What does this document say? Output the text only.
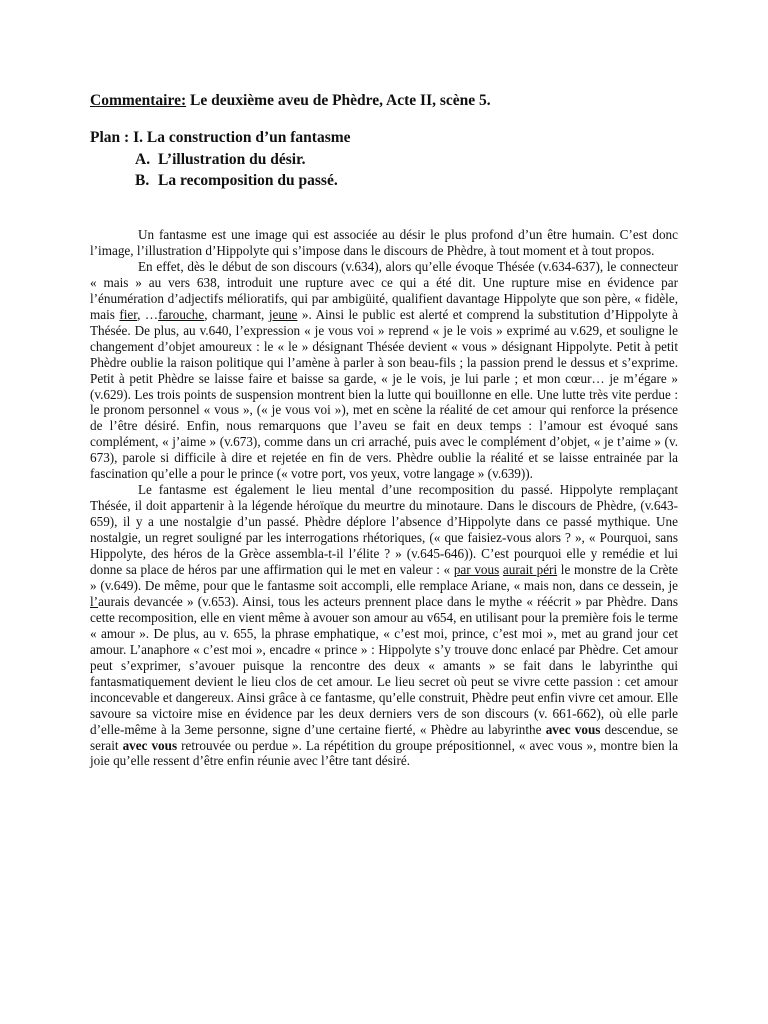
Commentaire: Le deuxième aveu de Phèdre, Acte II, scène 5.
Plan : I. La construction d’un fantasme
A. L’illustration du désir.
B. La recomposition du passé.

Un fantasme est une image qui est associée au désir le plus profond d’un être humain. C’est donc l’image, l’illustration d’Hippolyte qui s’impose dans le discours de Phèdre, à tout moment et à tout propos.

En effet, dès le début de son discours (v.634), alors qu’elle évoque Thésée (v.634-637), le connecteur « mais » au vers 638, introduit une rupture avec ce qui a été dit. Une rupture mise en évidence par l’énumération d’adjectifs mélioratifs, qui par ambigüité, qualifient davantage Hippolyte que son père, « fidèle, mais fier, …farouche, charmant, jeune ». Ainsi le public est alerté et comprend la substitution d’Hippolyte à Thésée. De plus, au v.640, l’expression « je vous voi » reprend « je le vois » exprimé au v.629, et souligne le changement d’objet amoureux : le « le » désignant Thésée devient « vous » désignant Hippolyte. Petit à petit Phèdre oublie la raison politique qui l’amène à parler à son beau-fils ; la passion prend le dessus et s’exprime. Petit à petit Phèdre se laisse faire et baisse sa garde, « je le vois, je lui parle ; et mon cœur… je m’égare » (v.629). Les trois points de suspension montrent bien la lutte qui bouillonne en elle. Une lutte très vite perdue : le pronom personnel « vous », (« je vous voi »), met en scène la réalité de cet amour qui renforce la présence de l’être désiré. Enfin, nous remarquons que l’aveu se fait en deux temps : l’amour est évoqué sans complément, « j’aime » (v.673), comme dans un cri arraché, puis avec le complément d’objet, « je t’aime » (v. 673), parole si difficile à dire et rejetée en fin de vers. Phèdre oublie la réalité et se laisse entrainée par la fascination qu’elle a pour le prince (« votre port, vos yeux, votre langage » (v.639)).

Le fantasme est également le lieu mental d’une recomposition du passé. Hippolyte remplaçant Thésée, il doit appartenir à la légende héroïque du meurtre du minotaure. Dans le discours de Phèdre, (v.643-659), il y a une nostalgie d’un passé. Phèdre déplore l’absence d’Hippolyte dans ce passé mythique. Une nostalgie, un regret souligné par les interrogations rhétoriques, (« que faisiez-vous alors ? », « Pourquoi, sans Hippolyte, des héros de la Grèce assembla-t-il l’élite ? » (v.645-646)). C’est pourquoi elle y remédie et lui donne sa place de héros par une affirmation qui le met en valeur : « par vous aurait péri le monstre de la Crète » (v.649). De même, pour que le fantasme soit accompli, elle remplace Ariane, « mais non, dans ce dessein, je l’aurais devancée » (v.653). Ainsi, tous les acteurs prennent place dans le mythe « réécrit » par Phèdre. Dans cette recomposition, elle en vient même à avouer son amour au v654, en utilisant pour la première fois le terme « amour ». De plus, au v. 655, la phrase emphatique, « c’est moi, prince, c’est moi », met au grand jour cet amour. L’anaphore « c’est moi », encadre « prince » : Hippolyte s’y trouve donc enlacé par Phèdre. Cet amour peut s’exprimer, s’avouer puisque la rencontre des deux « amants » se fait dans le labyrinthe qui fantasmatiquement devient le lieu clos de cet amour. Le lieu secret où peut se vivre cette passion : cet amour inconcevable et dangereux. Ainsi grâce à ce fantasme, qu’elle construit, Phèdre peut enfin vivre cet amour. Elle savoure sa victoire mise en évidence par les deux derniers vers de son discours (v. 661-662), où elle parle d’elle-même à la 3eme personne, signe d’une certaine fierté, « Phèdre au labyrinthe avec vous descendue, se serait avec vous retrouvée ou perdue ». La répétition du groupe prépositionnel, « avec vous », montre bien la joie qu’elle ressent d’être enfin réunie avec l’être tant désiré.
